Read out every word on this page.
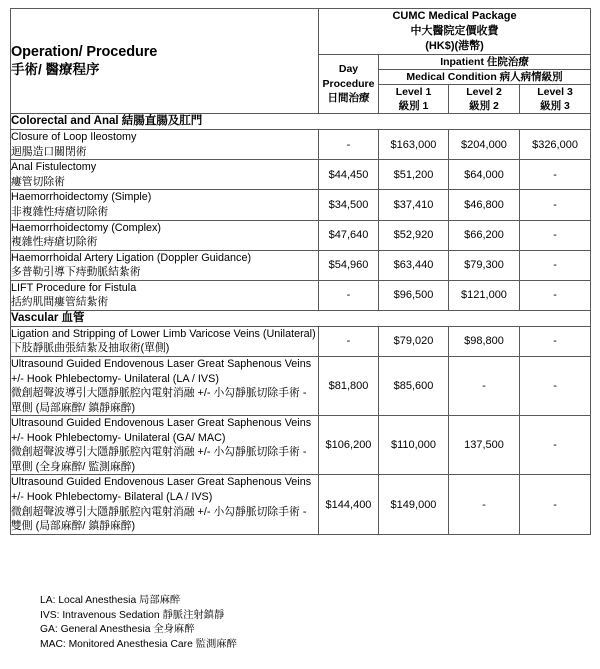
Operation/ Procedure
手術/ 醫療程序

CUMC Medical Package
中大醫院定價收費
(HK$)(港幣)

	Day Procedure
日間治療	Inpatient 住院治療		
		Medical Condition 病人病情級別		
		Level 1
級別 1	Level 2
級別 2	Level 3
級別 3

Colorectal and Anal 結腸直腸及肛門				
Closure of Loop Ileostomy
迴腸造口關閉術	-	$163,000	$204,000	$326,000
Anal Fistulectomy
瘻管切除術	$44,450	$51,200	$64,000	-
Haemorrhoidectomy (Simple)
非複雜性痔瘡切除術	$34,500	$37,410	$46,800	-
Haemorrhoidectomy (Complex)
複雜性痔瘡切除術	$47,640	$52,920	$66,200	-
Haemorrhoidal Artery Ligation (Doppler Guidance)
多普勒引導下痔動脈結紮術	$54,960	$63,440	$79,300	-
LIFT Procedure for Fistula
括約肌間瘻管結紮術	-	$96,500	$121,000	-
Vascular 血管				
Ligation and Stripping of Lower Limb Varicose Veins (Unilateral)
下肢靜脈曲張結紮及抽取術(單側)	-	$79,020	$98,800	-
Ultrasound Guided Endovenous Laser Great Saphenous Veins +/- Hook Phlebectomy- Unilateral (LA / IVS)
微創超聲波導引大隱靜脈腔內電射消融 +/- 小勾靜脈切除手術 - 單側 (局部麻醉/ 鎮靜麻醉)	$81,800	$85,600	-	-
Ultrasound Guided Endovenous Laser Great Saphenous Veins +/- Hook Phlebectomy- Unilateral (GA/ MAC)
微創超聲波導引大隱靜脈腔內電射消融 +/- 小勾靜脈切除手術 - 單側 (全身麻醉/ 監測麻醉)	$106,200	$110,000	137,500	-
Ultrasound Guided Endovenous Laser Great Saphenous Veins +/- Hook Phlebectomy- Bilateral (LA / IVS)
微創超聲波導引大隱靜脈腔內電射消融 +/- 小勾靜脈切除手術 - 雙側 (局部麻醉/ 鎮靜麻醉)	$144,400	$149,000	-	-
LA: Local Anesthesia 局部麻醉
IVS: Intravenous Sedation 靜脈注射鎮靜
GA: General Anesthesia 全身麻醉
MAC: Monitored Anesthesia Care 監測麻醉
